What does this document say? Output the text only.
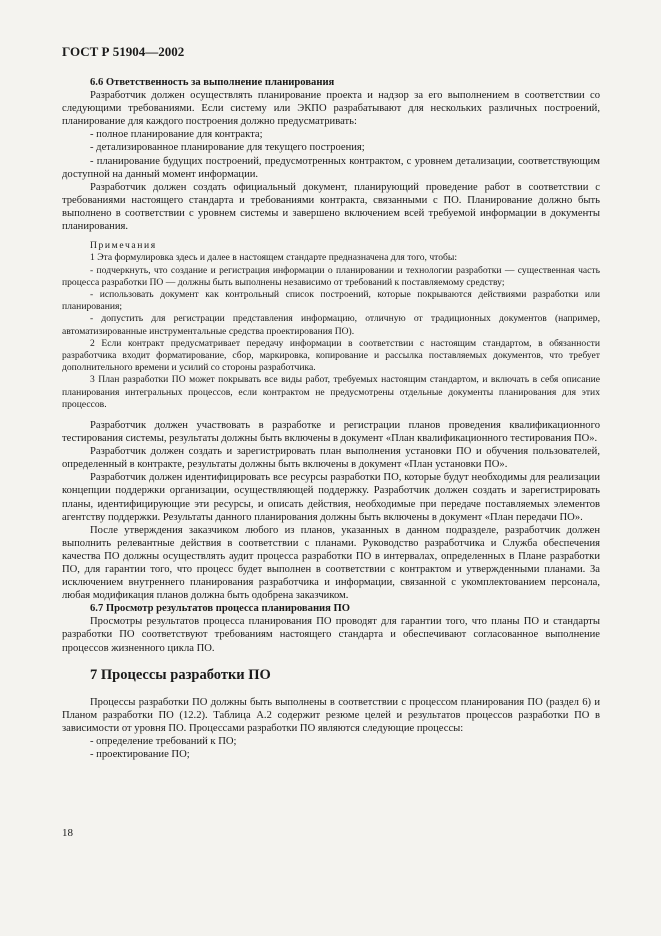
ГОСТ Р 51904—2002

6.6 Ответственность за выполнение планирования

Разработчик должен осуществлять планирование проекта и надзор за его выполнением в соответствии со следующими требованиями. Если систему или ЭКПО разрабатывают для нескольких различных построений, планирование для каждого построения должно предусматривать:

- полное планирование для контракта;

- детализированное планирование для текущего построения;

- планирование будущих построений, предусмотренных контрактом, с уровнем детализации, соответствующим доступной на данный момент информации.

Разработчик должен создать официальный документ, планирующий проведение работ в соответствии с требованиями настоящего стандарта и требованиями контракта, связанными с ПО. Планирование должно быть выполнено в соответствии с уровнем системы и завершено включением всей требуемой информации в документы планирования.

Примечания

1 Эта формулировка здесь и далее в настоящем стандарте предназначена для того, чтобы:

- подчеркнуть, что создание и регистрация информации о планировании и технологии разработки — существенная часть процесса разработки ПО — должны быть выполнены независимо от требований к поставляемому средству;

- использовать документ как контрольный список построений, которые покрываются действиями разработки или планирования;

- допустить для регистрации представления информацию, отличную от традиционных документов (например, автоматизированные инструментальные средства проектирования ПО).

2 Если контракт предусматривает передачу информации в соответствии с настоящим стандартом, в обязанности разработчика входит форматирование, сбор, маркировка, копирование и рассылка поставляемых документов, что требует дополнительного времени и усилий со стороны разработчика.

3 План разработки ПО может покрывать все виды работ, требуемых настоящим стандартом, и включать в себя описание планирования интегральных процессов, если контрактом не предусмотрены отдельные документы планирования для этих процессов.

Разработчик должен участвовать в разработке и регистрации планов проведения квалификационного тестирования системы, результаты должны быть включены в документ «План квалификационного тестирования ПО».

Разработчик должен создать и зарегистрировать план выполнения установки ПО и обучения пользователей, определенный в контракте, результаты должны быть включены в документ «План установки ПО».

Разработчик должен идентифицировать все ресурсы разработки ПО, которые будут необходимы для реализации концепции поддержки организации, осуществляющей поддержку. Разработчик должен создать и зарегистрировать планы, идентифицирующие эти ресурсы, и описать действия, необходимые при передаче поставляемых элементов агентству поддержки. Результаты данного планирования должны быть включены в документ «План передачи ПО».

После утверждения заказчиком любого из планов, указанных в данном подразделе, разработчик должен выполнить релевантные действия в соответствии с планами. Руководство разработчика и Служба обеспечения качества ПО должны осуществлять аудит процесса разработки ПО в интервалах, определенных в Плане разработки ПО, для гарантии того, что процесс будет выполнен в соответствии с контрактом и утвержденными планами. За исключением внутреннего планирования разработчика и информации, связанной с укомплектованием персонала, любая модификация планов должна быть одобрена заказчиком.

6.7 Просмотр результатов процесса планирования ПО

Просмотры результатов процесса планирования ПО проводят для гарантии того, что планы ПО и стандарты разработки ПО соответствуют требованиям настоящего стандарта и обеспечивают согласованное выполнение процессов жизненного цикла ПО.

7 Процессы разработки ПО

Процессы разработки ПО должны быть выполнены в соответствии с процессом планирования ПО (раздел 6) и Планом разработки ПО (12.2). Таблица А.2 содержит резюме целей и результатов процессов разработки ПО в зависимости от уровня ПО. Процессами разработки ПО являются следующие процессы:

- определение требований к ПО;

- проектирование ПО;

18
